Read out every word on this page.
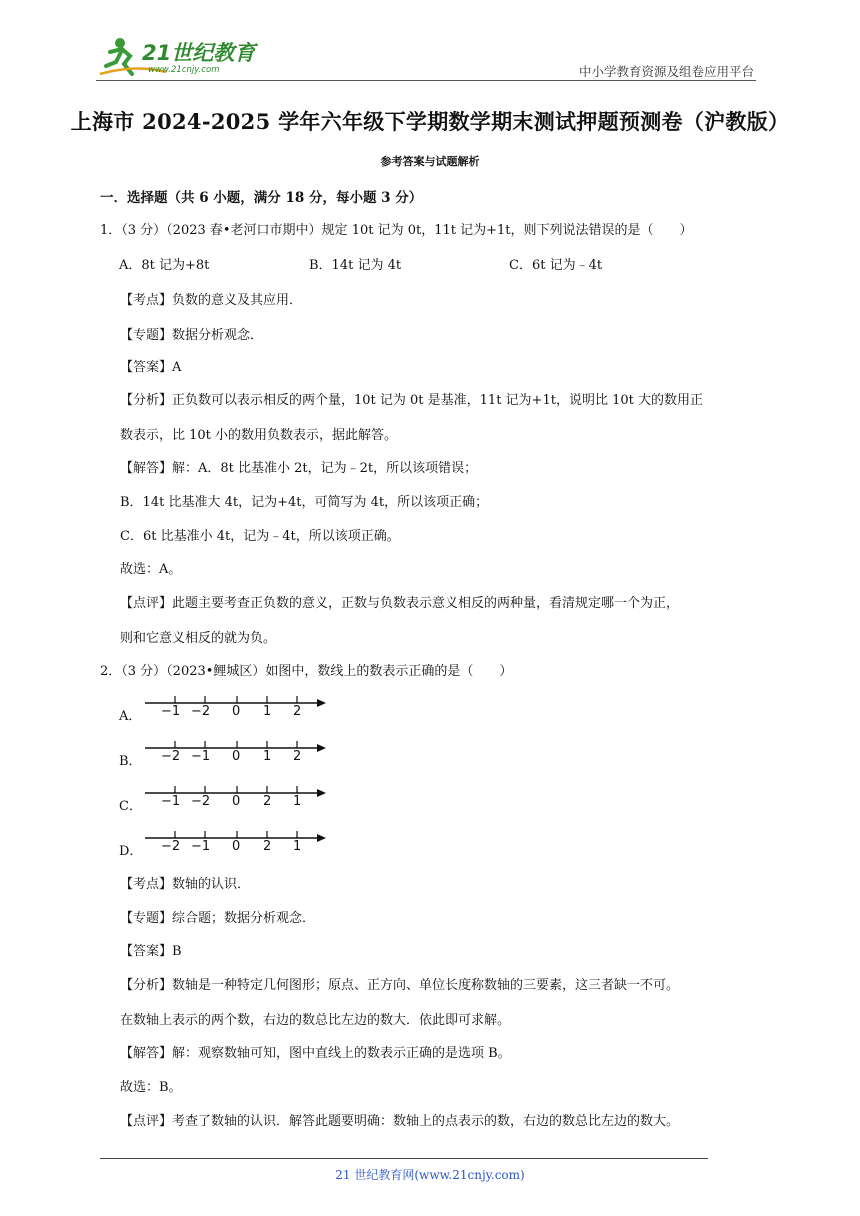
21世纪教育
www.21cnjy.com	中小学教育资源及组卷应用平台
上海市 2024-2025 学年六年级下学期数学期末测试押题预测卷（沪教版）
参考答案与试题解析
一．选择题（共 6 小题，满分 18 分，每小题 3 分）
1．（3 分）（2023 春•老河口市期中）规定 10t 记为 0t，11t 记为+1t，则下列说法错误的是（　　）
A．8t 记为+8t	B．14t 记为 4t	C．6t 记为﹣4t
【考点】负数的意义及其应用．
【专题】数据分析观念．
【答案】A
【分析】正负数可以表示相反的两个量，10t 记为 0t 是基准，11t 记为+1t，说明比 10t 大的数用正
数表示，比 10t 小的数用负数表示，据此解答。
【解答】解：A．8t 比基准小 2t，记为﹣2t，所以该项错误；
B．14t 比基准大 4t，记为+4t，可简写为 4t，所以该项正确；
C．6t 比基准小 4t，记为﹣4t，所以该项正确。
故选：A。
【点评】此题主要考查正负数的意义，正数与负数表示意义相反的两种量，看清规定哪一个为正，
则和它意义相反的就为负。
2．（3 分）（2023•鲤城区）如图中，数线上的数表示正确的是（　　）
A． −1 −2 0 1 2
B． −2 −1 0 1 2
C． −1 −2 0 2 1
D． −2 −1 0 2 1
【考点】数轴的认识．
【专题】综合题；数据分析观念．
【答案】B
【分析】数轴是一种特定几何图形；原点、正方向、单位长度称数轴的三要素，这三者缺一不可。
在数轴上表示的两个数，右边的数总比左边的数大．依此即可求解。
【解答】解：观察数轴可知，图中直线上的数表示正确的是选项 B。
故选：B。
【点评】考查了数轴的认识．解答此题要明确：数轴上的点表示的数，右边的数总比左边的数大。
21 世纪教育网(www.21cnjy.com)
